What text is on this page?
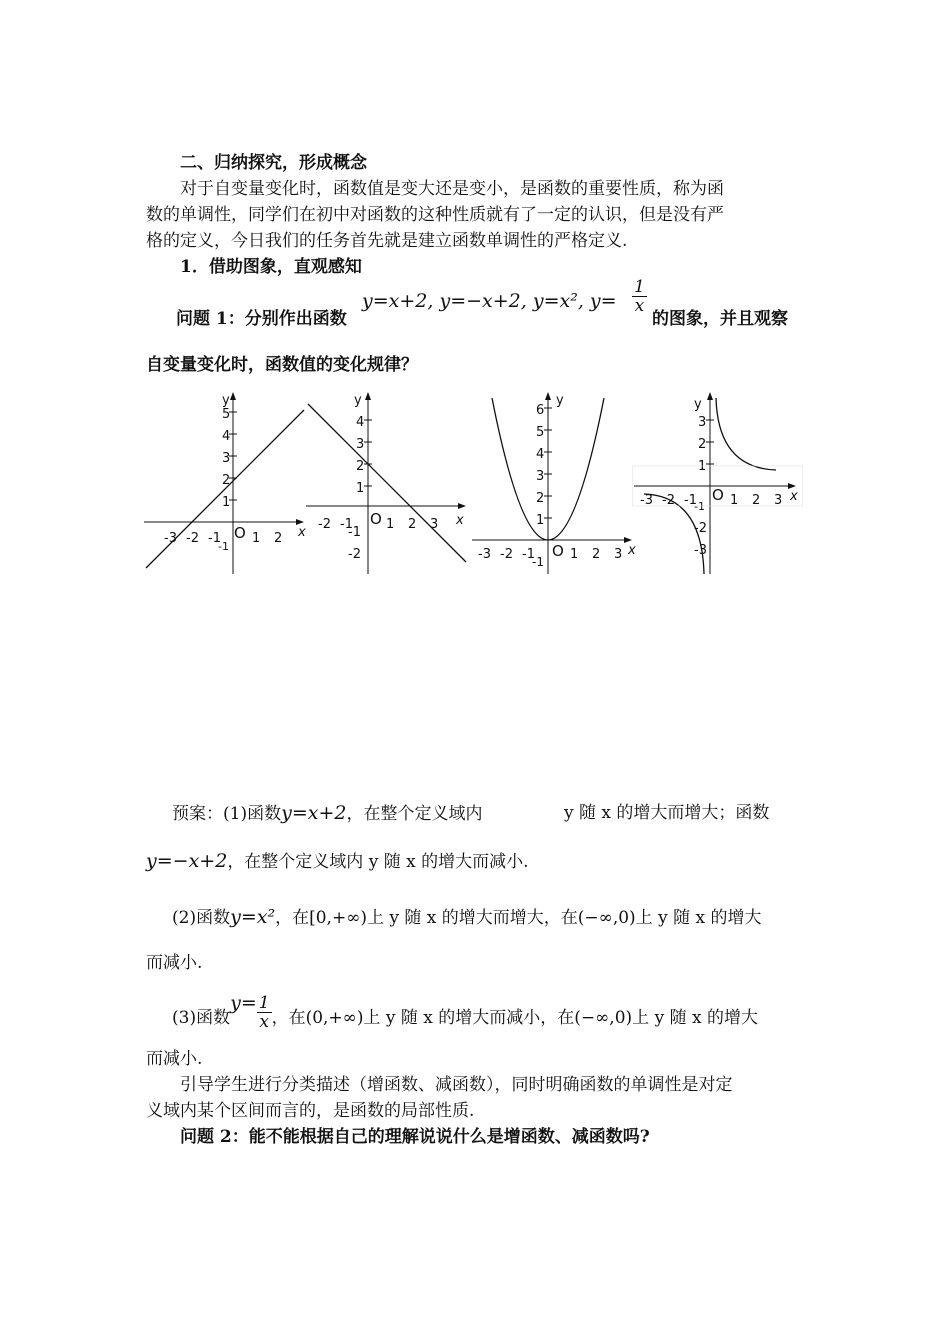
二、归纳探究，形成概念
对于自变量变化时，函数值是变大还是变小，是函数的重要性质，称为函
数的单调性，同学们在初中对函数的这种性质就有了一定的认识，但是没有严
格的定义，今日我们的任务首先就是建立函数单调性的严格定义.
1．借助图象，直观感知
问题 1：分别作出函数
y=x+2, y=−x+2, y=x², $y= \frac{1}{x}$
的图象，并且观察
自变量变化时，函数值的变化规律？
y
x
O
-3 -2 -1 1 2
1
2
3
4
5
-1
y
x
O
-2 -1	1 2 3
1
2
3
4
-1
-2
y
x
O
-3 -2 -1	1 2 3
1
2
3
4
5
6
-1
y
x
O
-3 -2 -1	1 2 3
1
2
3
-1
-2
-3
预案：(1)函数y=x+2，在整个定义域内	y 随 x 的增大而增大；函数
y=−x+2，在整个定义域内 y 随 x 的增大而减小.
(2)函数y=x²，在[0,+∞)上 y 随 x 的增大而增大，在(−∞,0)上 y 随 x 的增大
而减小.
(3)函数$y= \frac{1}{x}$ ，在(0,+∞)上 y 随 x 的增大而减小，在(−∞,0)上 y 随 x 的增大
而减小.
引导学生进行分类描述（增函数、减函数），同时明确函数的单调性是对定
义域内某个区间而言的，是函数的局部性质.
问题 2：能不能根据自己的理解说说什么是增函数、减函数吗?
